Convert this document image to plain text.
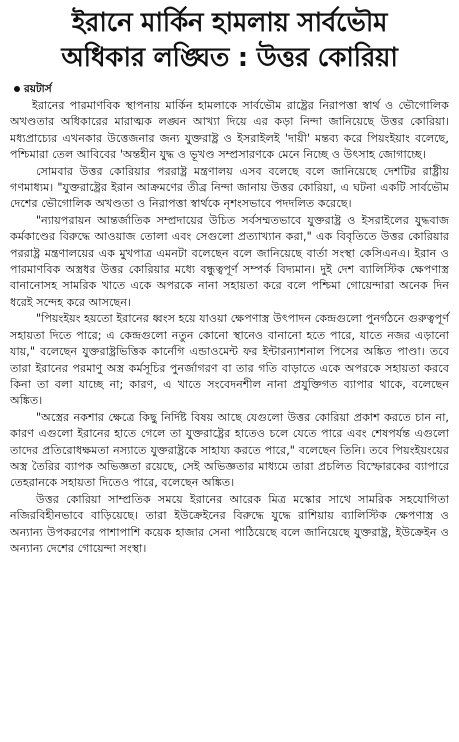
ইরানে মার্কিন হামলায় সার্বভৌম
অধিকার লঙ্ঘিত : উত্তর কোরিয়া
রয়টার্স

ইরানের পারমাণবিক স্থাপনায় মার্কিন হামলাকে সার্বভৌম রাষ্ট্রের নিরাপত্তা স্বার্থ ও ভৌগোলিক অখণ্ডতার অধিকারের মারাত্মক লঙ্ঘন আখ্যা দিয়ে এর কড়া নিন্দা জানিয়েছে উত্তর কোরিয়া। মধ্যপ্রাচ্যের এখনকার উত্তেজনার জন্য যুক্তরাষ্ট্র ও ইসরাইলই 'দায়ী' মন্তব্য করে পিয়ংইয়াং বলেছে, পশ্চিমারা তেল আবিবের 'অন্তহীন যুদ্ধ ও ভূখণ্ড সম্প্রসারণকে মেনে নিচ্ছে ও উৎসাহ জোগাচ্ছে।

সোমবার উত্তর কোরিয়ার পররাষ্ট্র মন্ত্রণালয় এসব বলেছে বলে জানিয়েছে দেশটির রাষ্ট্রীয় গণমাধ্যম। "যুক্তরাষ্ট্রের ইরান আক্রমণের তীব্র নিন্দা জানায় উত্তর কোরিয়া, এ ঘটনা একটি সার্বভৌম দেশের ভৌগোলিক অখণ্ডতা ও নিরাপত্তা স্বার্থকে নৃশংসভাবে পদদলিত করেছে।

"ন্যায়পরায়ন আন্তর্জাতিক সম্প্রদায়ের উচিত সর্বসম্মতভাবে যুক্তরাষ্ট্র ও ইসরাইলের যুদ্ধবাজ কর্মকাণ্ডের বিরুদ্ধে আওয়াজ তোলা এবং সেগুলো প্রত্যাখ্যান করা," এক বিবৃতিতে উত্তর কোরিয়ার পররাষ্ট্র মন্ত্রণালয়ের এক মুখপাত্র এমনটা বলেছেন বলে জানিয়েছে বার্তা সংস্থা কেসিএনএ। ইরান ও পারমাণবিক অস্ত্রধর উত্তর কোরিয়ার মধ্যে বন্ধুত্বপূর্ণ সম্পর্ক বিদ্যমান। দুই দেশ ব্যালিস্টিক ক্ষেপণাস্ত্র বানানোসহ সামরিক খাতে একে অপরকে নানা সহায়তা করে বলে পশ্চিমা গোয়েন্দারা অনেক দিন ধরেই সন্দেহ করে আসছেন।

"পিয়ংইয়ং হয়তো ইরানের ধ্বংস হয়ে যাওয়া ক্ষেপণাস্ত্র উৎপাদন কেন্দ্রগুলো পুনর্গঠনে গুরুত্বপূর্ণ সহায়তা দিতে পারে; এ কেন্দ্রগুলো নতুন কোনো স্থানেও বানানো হতে পারে, যাতে নজর এড়ানো যায়," বলেছেন যুক্তরাষ্ট্রভিত্তিক কার্নেগি এন্ডাওমেন্ট ফর ইন্টারন্যাশনাল পিসের অঙ্কিত পাণ্ডা। তবে তারা ইরানের পরমাণু অস্ত্র কর্মসূচির পুনর্জাগরণ বা তার গতি বাড়াতে একে অপরকে সহায়তা করবে কিনা তা বলা যাচ্ছে না; কারণ, এ খাতে সংবেদনশীল নানা প্রযুক্তিগত ব্যাপার থাকে, বলেছেন অঙ্কিত।

"অস্ত্রের নকশার ক্ষেত্রে কিছু নির্দিষ্ট বিষয় আছে যেগুলো উত্তর কোরিয়া প্রকাশ করতে চান না, কারণ এগুলো ইরানের হাতে গেলে তা যুক্তরাষ্ট্রের হাতেও চলে যেতে পারে এবং শেষপর্যন্ত এগুলো তাদের প্রতিরোধক্ষমতা নস্যাতে যুক্তরাষ্ট্রকে সাহায্য করতে পারে," বলেছেন তিনি। তবে পিয়ংইয়ংয়ের অস্ত্র তৈরির ব্যাপক অভিজ্ঞতা রয়েছে, সেই অভিজ্ঞতার মাধ্যমে তারা প্রচলিত বিস্ফোরকের ব্যাপারে তেহরানকে সহায়তা দিতেও পারে, বলেছেন অঙ্কিত।

উত্তর কোরিয়া সাম্প্রতিক সময়ে ইরানের আরেক মিত্র মস্কোর সাথে সামরিক সহযোগিতা নজিরবিহীনভাবে বাড়িয়েছে। তারা ইউক্রেইনের বিরুদ্ধে যুদ্ধে রাশিয়ায় ব্যালিস্টিক ক্ষেপণাস্ত্র ও অন্যান্য উপকরণের পাশাপাশি কয়েক হাজার সেনা পাঠিয়েছে বলে জানিয়েছে যুক্তরাষ্ট্র, ইউক্রেইন ও অন্যান্য দেশের গোয়েন্দা সংস্থা।
